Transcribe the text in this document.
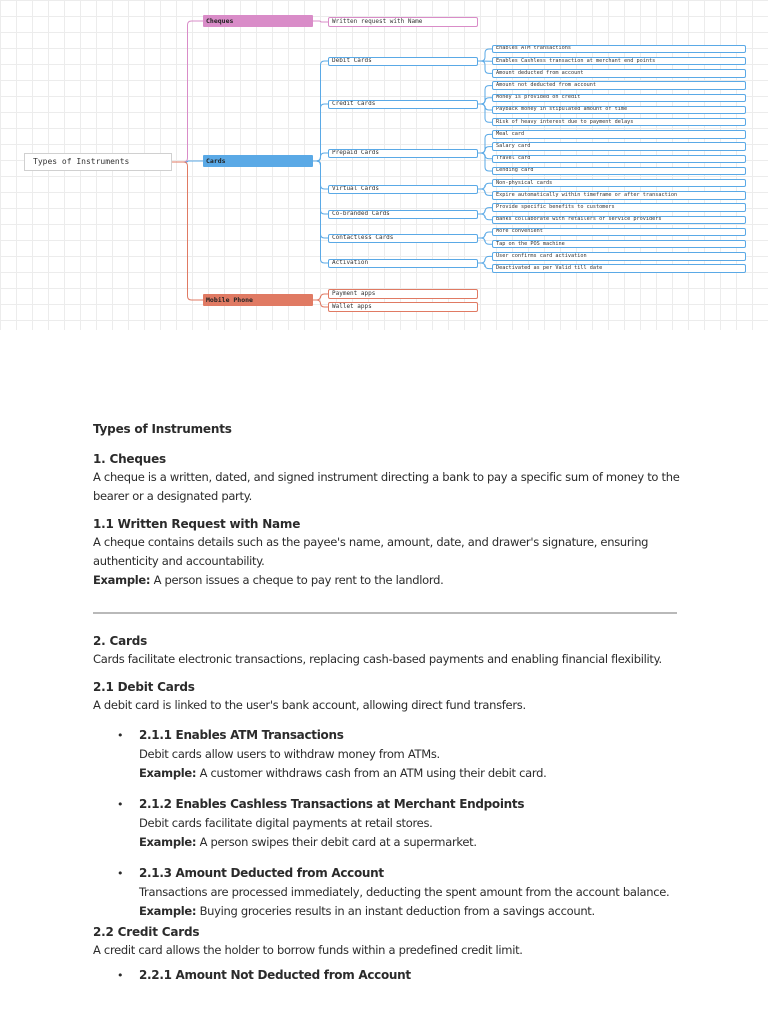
Types of Instruments
Cheques
Cards
Mobile Phone
Written request with Name
Payment apps
Wallet apps
Debit Cards
Enables ATM transactions
Enables Cashless transaction at merchant end points
Amount deducted from account
Credit Cards
Amount not deducted from account
Money is provided on credit
Payback money in stipulated amount of time
Risk of heavy interest due to payment delays
Prepaid Cards
Meal card
Salary card
Travel card
Lending card
Virtual Cards
Non-physical cards
Expire automatically within timeframe or after transaction
Co-branded Cards
Provide specific benefits to customers
Banks collaborate with retailers or service providers
Contactless Cards
More convenient
Tap on the POS machine
Activation
User confirms card activation
Deactivated as per Valid till date
Types of Instruments
1. Cheques

A cheque is a written, dated, and signed instrument directing a bank to pay a specific sum of money to the bearer or a designated party.

1.1 Written Request with Name

A cheque contains details such as the payee's name, amount, date, and drawer's signature, ensuring authenticity and accountability.

Example: A person issues a cheque to pay rent to the landlord.

2. Cards

Cards facilitate electronic transactions, replacing cash-based payments and enabling financial flexibility.

2.1 Debit Cards

A debit card is linked to the user's bank account, allowing direct fund transfers.

• 2.1.1 Enables ATM Transactions

Debit cards allow users to withdraw money from ATMs.

Example: A customer withdraws cash from an ATM using their debit card.

• 2.1.2 Enables Cashless Transactions at Merchant Endpoints

Debit cards facilitate digital payments at retail stores.

Example: A person swipes their debit card at a supermarket.

• 2.1.3 Amount Deducted from Account

Transactions are processed immediately, deducting the spent amount from the account balance.

Example: Buying groceries results in an instant deduction from a savings account.

2.2 Credit Cards

A credit card allows the holder to borrow funds within a predefined credit limit.

• 2.2.1 Amount Not Deducted from Account
